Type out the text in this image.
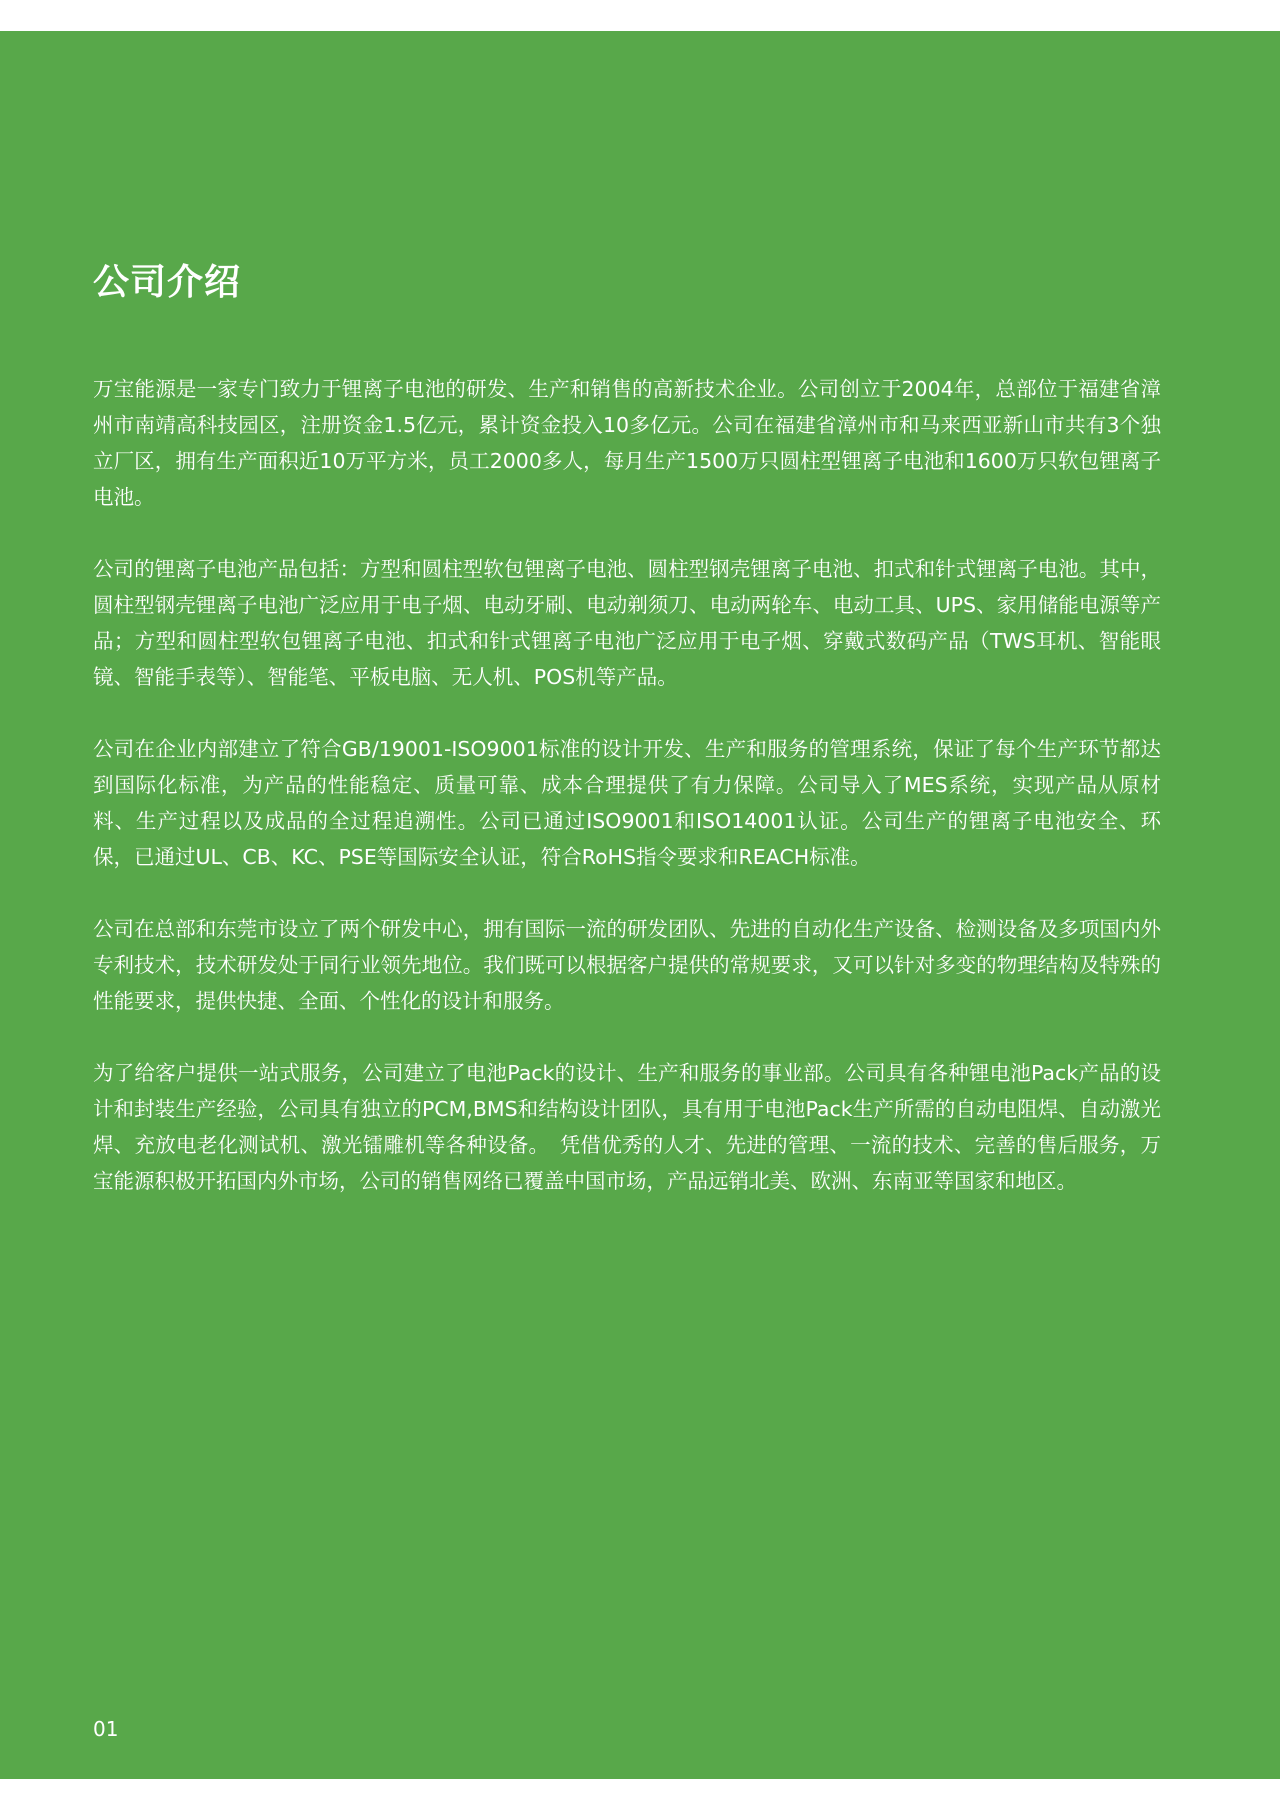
公司介绍

万宝能源是一家专门致力于锂离子电池的研发、生产和销售的高新技术企业。公司创立于2004年，总部位于福建省漳州市南靖高科技园区，注册资金1.5亿元，累计资金投入10多亿元。公司在福建省漳州市和马来西亚新山市共有3个独立厂区，拥有生产面积近10万平方米，员工2000多人，每月生产1500万只圆柱型锂离子电池和1600万只软包锂离子电池。

公司的锂离子电池产品包括：方型和圆柱型软包锂离子电池、圆柱型钢壳锂离子电池、扣式和针式锂离子电池。其中，圆柱型钢壳锂离子电池广泛应用于电子烟、电动牙刷、电动剃须刀、电动两轮车、电动工具、UPS、家用储能电源等产品；方型和圆柱型软包锂离子电池、扣式和针式锂离子电池广泛应用于电子烟、穿戴式数码产品（TWS耳机、智能眼镜、智能手表等）、智能笔、平板电脑、无人机、POS机等产品。

公司在企业内部建立了符合GB/19001-ISO9001标准的设计开发、生产和服务的管理系统，保证了每个生产环节都达到国际化标准，为产品的性能稳定、质量可靠、成本合理提供了有力保障。公司导入了MES系统，实现产品从原材料、生产过程以及成品的全过程追溯性。公司已通过ISO9001和ISO14001认证。公司生产的锂离子电池安全、环保，已通过UL、CB、KC、PSE等国际安全认证，符合RoHS指令要求和REACH标准。

公司在总部和东莞市设立了两个研发中心，拥有国际一流的研发团队、先进的自动化生产设备、检测设备及多项国内外专利技术，技术研发处于同行业领先地位。我们既可以根据客户提供的常规要求，又可以针对多变的物理结构及特殊的性能要求，提供快捷、全面、个性化的设计和服务。

为了给客户提供一站式服务，公司建立了电池Pack的设计、生产和服务的事业部。公司具有各种锂电池Pack产品的设计和封装生产经验，公司具有独立的PCM,BMS和结构设计团队，具有用于电池Pack生产所需的自动电阻焊、自动激光焊、充放电老化测试机、激光镭雕机等各种设备。　凭借优秀的人才、先进的管理、一流的技术、完善的售后服务，万宝能源积极开拓国内外市场，公司的销售网络已覆盖中国市场，产品远销北美、欧洲、东南亚等国家和地区。

01
